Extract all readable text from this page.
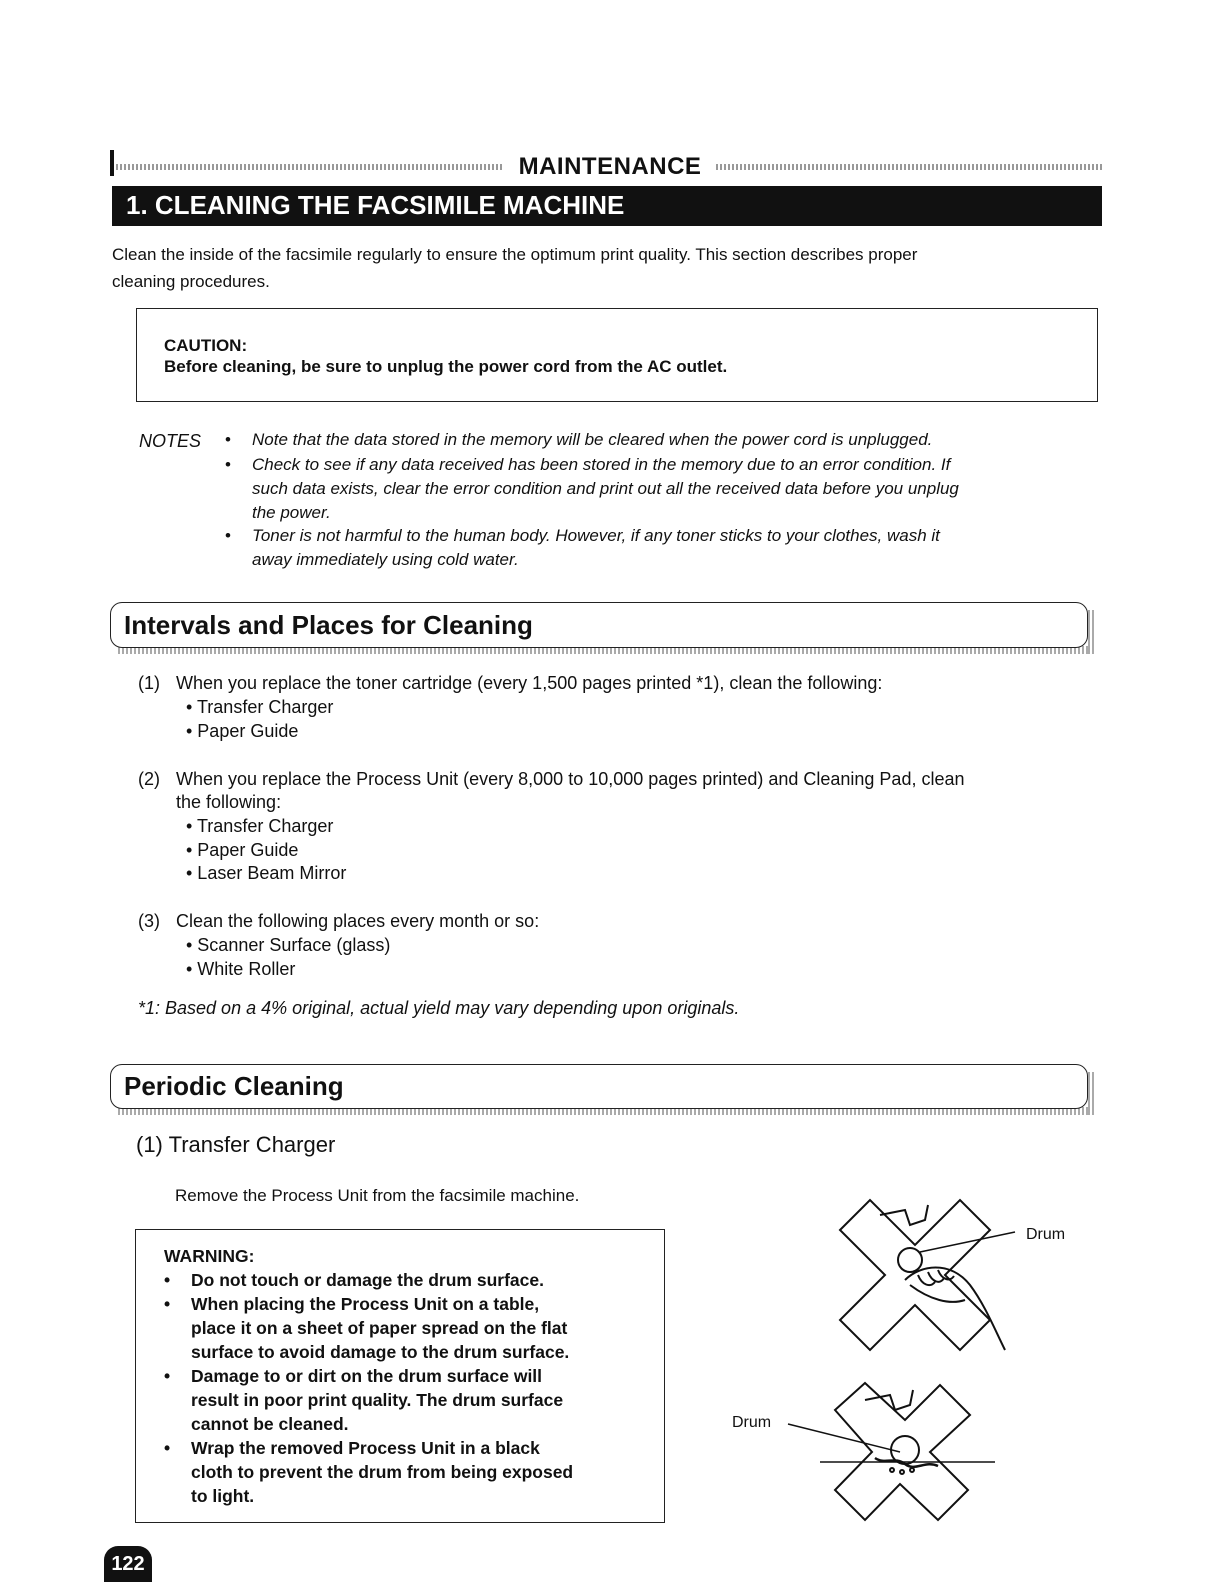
MAINTENANCE
1. CLEANING THE FACSIMILE MACHINE
Clean the inside of the facsimile regularly to ensure the optimum print quality. This section describes proper
cleaning procedures.
CAUTION:
Before cleaning, be sure to unplug the power cord from the AC outlet.
NOTES • Note that the data stored in the memory will be cleared when the power cord is unplugged.
• Check to see if any data received has been stored in the memory due to an error condition. If
such data exists, clear the error condition and print out all the received data before you unplug
the power.
• Toner is not harmful to the human body. However, if any toner sticks to your clothes, wash it
away immediately using cold water.
Intervals and Places for Cleaning
(1) When you replace the toner cartridge (every 1,500 pages printed *1), clean the following:
• Transfer Charger
• Paper Guide
(2) When you replace the Process Unit (every 8,000 to 10,000 pages printed) and Cleaning Pad, clean
the following:
• Transfer Charger
• Paper Guide
• Laser Beam Mirror
(3) Clean the following places every month or so:
• Scanner Surface (glass)
• White Roller
*1: Based on a 4% original, actual yield may vary depending upon originals.
Periodic Cleaning
(1) Transfer Charger
Remove the Process Unit from the facsimile machine.
WARNING:
• Do not touch or damage the drum surface.
• When placing the Process Unit on a table,
place it on a sheet of paper spread on the flat
surface to avoid damage to the drum surface.
• Damage to or dirt on the drum surface will
result in poor print quality. The drum surface
cannot be cleaned.
• Wrap the removed Process Unit in a black
cloth to prevent the drum from being exposed
to light.
Drum
Drum
122
